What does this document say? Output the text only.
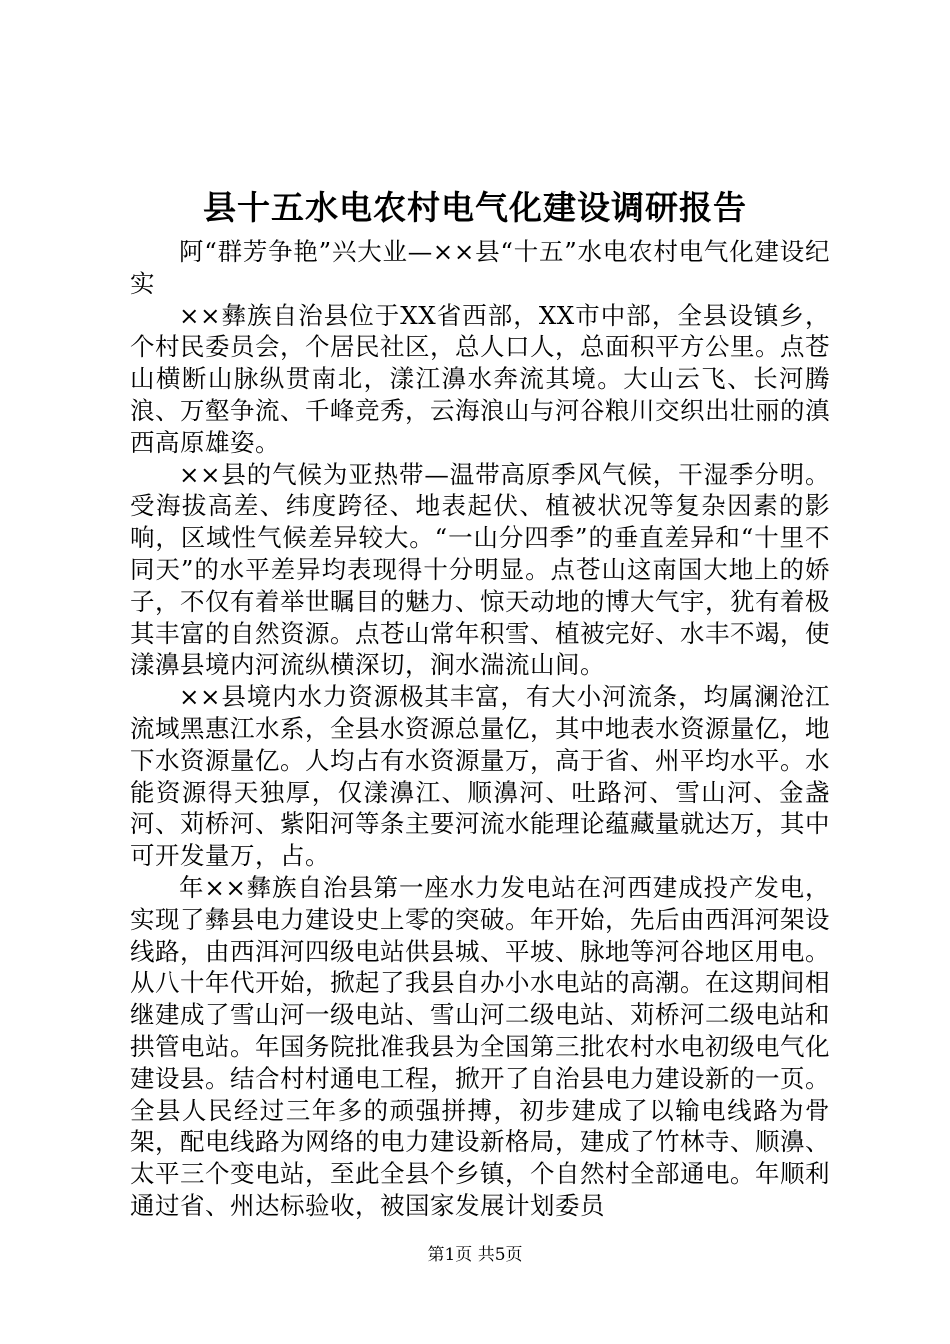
县十五水电农村电气化建设调研报告

阿“群芳争艳”兴大业—××县“十五”水电农村电气化建设纪实

××彝族自治县位于XX省西部，XX市中部，全县设镇乡，个村民委员会，个居民社区，总人口人，总面积平方公里。点苍山横断山脉纵贯南北，漾江濞水奔流其境。大山云飞、长河腾浪、万壑争流、千峰竞秀，云海浪山与河谷粮川交织出壮丽的滇西高原雄姿。

××县的气候为亚热带—温带高原季风气候，干湿季分明。受海拔高差、纬度跨径、地表起伏、植被状况等复杂因素的影响，区域性气候差异较大。“一山分四季”的垂直差异和“十里不同天”的水平差异均表现得十分明显。点苍山这南国大地上的娇子，不仅有着举世瞩目的魅力、惊天动地的博大气宇，犹有着极其丰富的自然资源。点苍山常年积雪、植被完好、水丰不竭，使漾濞县境内河流纵横深切，涧水湍流山间。

××县境内水力资源极其丰富，有大小河流条，均属澜沧江流域黑惠江水系，全县水资源总量亿，其中地表水资源量亿，地下水资源量亿。人均占有水资源量万，高于省、州平均水平。水能资源得天独厚，仅漾濞江、顺濞河、吐路河、雪山河、金盏河、苅桥河、紫阳河等条主要河流水能理论蕴藏量就达万，其中可开发量万，占。

年××彝族自治县第一座水力发电站在河西建成投产发电，实现了彝县电力建设史上零的突破。年开始，先后由西洱河架设线路，由西洱河四级电站供县城、平坡、脉地等河谷地区用电。从八十年代开始，掀起了我县自办小水电站的高潮。在这期间相继建成了雪山河一级电站、雪山河二级电站、苅桥河二级电站和拱管电站。年国务院批准我县为全国第三批农村水电初级电气化建设县。结合村村通电工程，掀开了自治县电力建设新的一页。全县人民经过三年多的顽强拼搏，初步建成了以输电线路为骨架，配电线路为网络的电力建设新格局，建成了竹林寺、顺濞、太平三个变电站，至此全县个乡镇，个自然村全部通电。年顺利通过省、州达标验收，被国家发展计划委员

第1页 共5页
